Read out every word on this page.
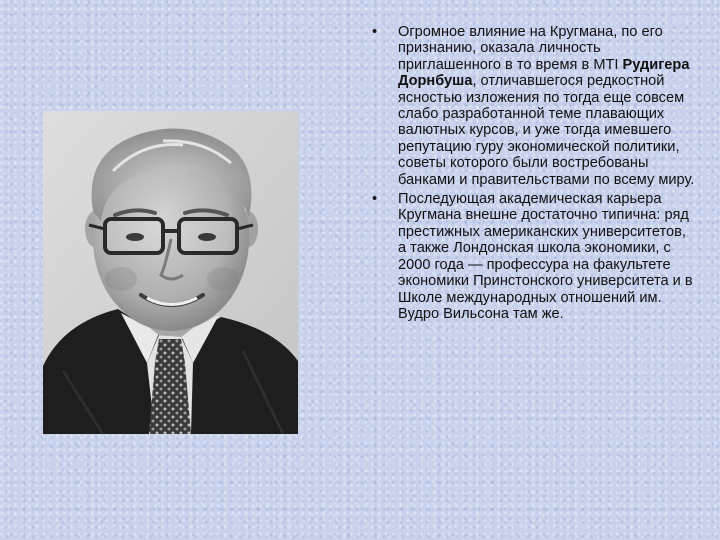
• Огромное влияние на Кругмана, по его признанию, оказала личность приглашенного в то время в MTI Рудигера Дорнбуша, отличавшегося редкостной ясностью изложения по тогда еще совсем слабо разработанной теме плавающих валютных курсов, и уже тогда имевшего репутацию гуру экономической политики, советы которого были востребованы банками и правительствами по всему миру.
• Последующая академическая карьера Кругмана внешне достаточно типична: ряд престижных американских университетов, а также Лондонская школа экономики, с 2000 года — профессура на факультете экономики Принстонского университета и в Школе международных отношений им. Вудро Вильсона там же.
